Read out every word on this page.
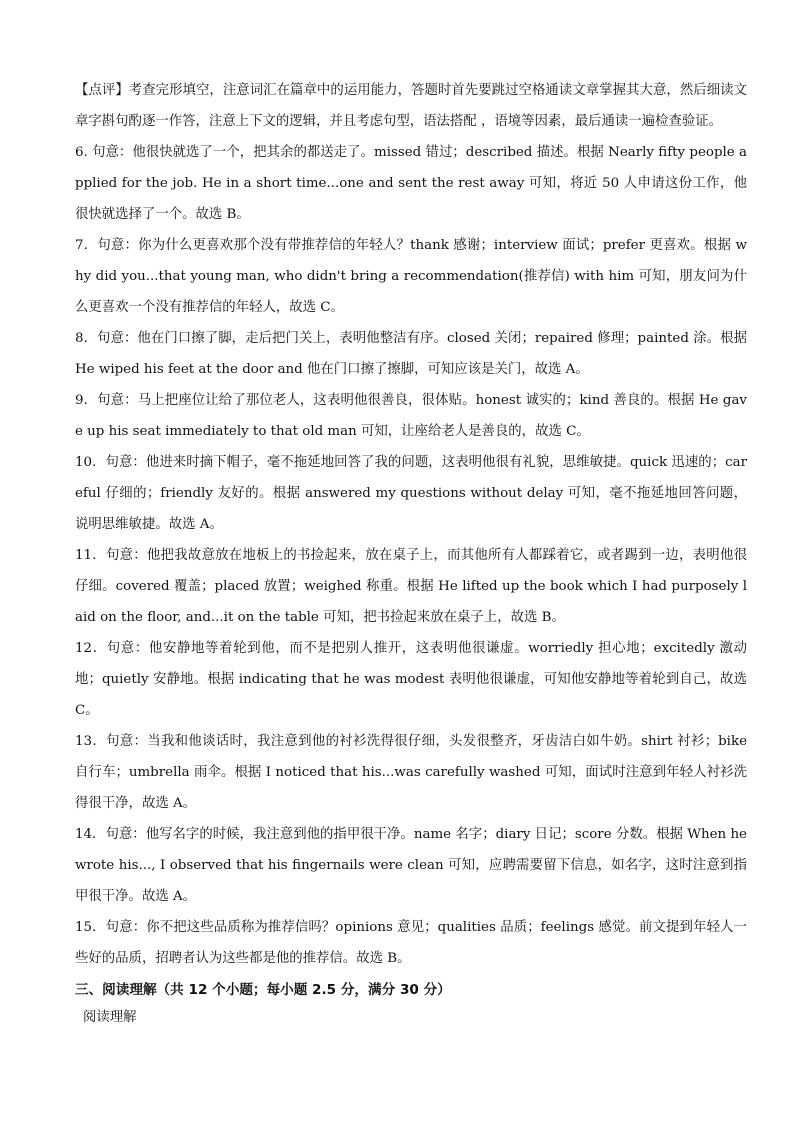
【点评】考查完形填空，注意词汇在篇章中的运用能力，答题时首先要跳过空格通读文章掌握其大意，然后细读文章字斟句酌逐一作答，注意上下文的逻辑，并且考虑句型，语法搭配 ，语境等因素，最后通读一遍检查验证。

6. 句意：他很快就选了一个，把其余的都送走了。missed 错过；described 描述。根据 Nearly fifty people applied for the job. He in a short time...one and sent the rest away 可知，将近 50 人申请这份工作，他很快就选择了一个。故选 B。

7．句意：你为什么更喜欢那个没有带推荐信的年轻人？thank 感谢；interview 面试；prefer 更喜欢。根据 why did you...that young man, who didn't bring a recommendation(推荐信) with him 可知，朋友问为什么更喜欢一个没有推荐信的年轻人，故选 C。

8．句意：他在门口擦了脚，走后把门关上，表明他整洁有序。closed 关闭；repaired 修理；painted 涂。根据 He wiped his feet at the door and 他在门口擦了擦脚，可知应该是关门，故选 A。

9．句意：马上把座位让给了那位老人，这表明他很善良，很体贴。honest 诚实的；kind 善良的。根据 He gave up his seat immediately to that old man 可知，让座给老人是善良的，故选 C。

10．句意：他进来时摘下帽子，毫不拖延地回答了我的问题，这表明他很有礼貌，思维敏捷。quick 迅速的；careful 仔细的；friendly 友好的。根据 answered my questions without delay 可知，毫不拖延地回答问题，说明思维敏捷。故选 A。

11．句意：他把我故意放在地板上的书捡起来，放在桌子上，而其他所有人都踩着它，或者踢到一边，表明他很仔细。covered 覆盖；placed 放置；weighed 称重。根据 He lifted up the book which I had purposely laid on the floor, and...it on the table 可知，把书捡起来放在桌子上，故选 B。

12．句意：他安静地等着轮到他，而不是把别人推开，这表明他很谦虚。worriedly 担心地；excitedly 激动地；quietly 安静地。根据 indicating that he was modest 表明他很谦虚，可知他安静地等着轮到自己，故选 C。

13．句意：当我和他谈话时，我注意到他的衬衫洗得很仔细，头发很整齐，牙齿洁白如牛奶。shirt 衬衫；bike 自行车；umbrella 雨伞。根据 I noticed that his...was carefully washed 可知，面试时注意到年轻人衬衫洗得很干净，故选 A。

14．句意：他写名字的时候，我注意到他的指甲很干净。name 名字；diary 日记；score 分数。根据 When he wrote his..., I observed that his fingernails were clean 可知，应聘需要留下信息，如名字，这时注意到指甲很干净。故选 A。

15．句意：你不把这些品质称为推荐信吗？opinions 意见；qualities 品质；feelings 感觉。前文提到年轻人一些好的品质，招聘者认为这些都是他的推荐信。故选 B。

三、阅读理解（共 12 个小题；每小题 2.5 分，满分 30 分）

阅读理解
